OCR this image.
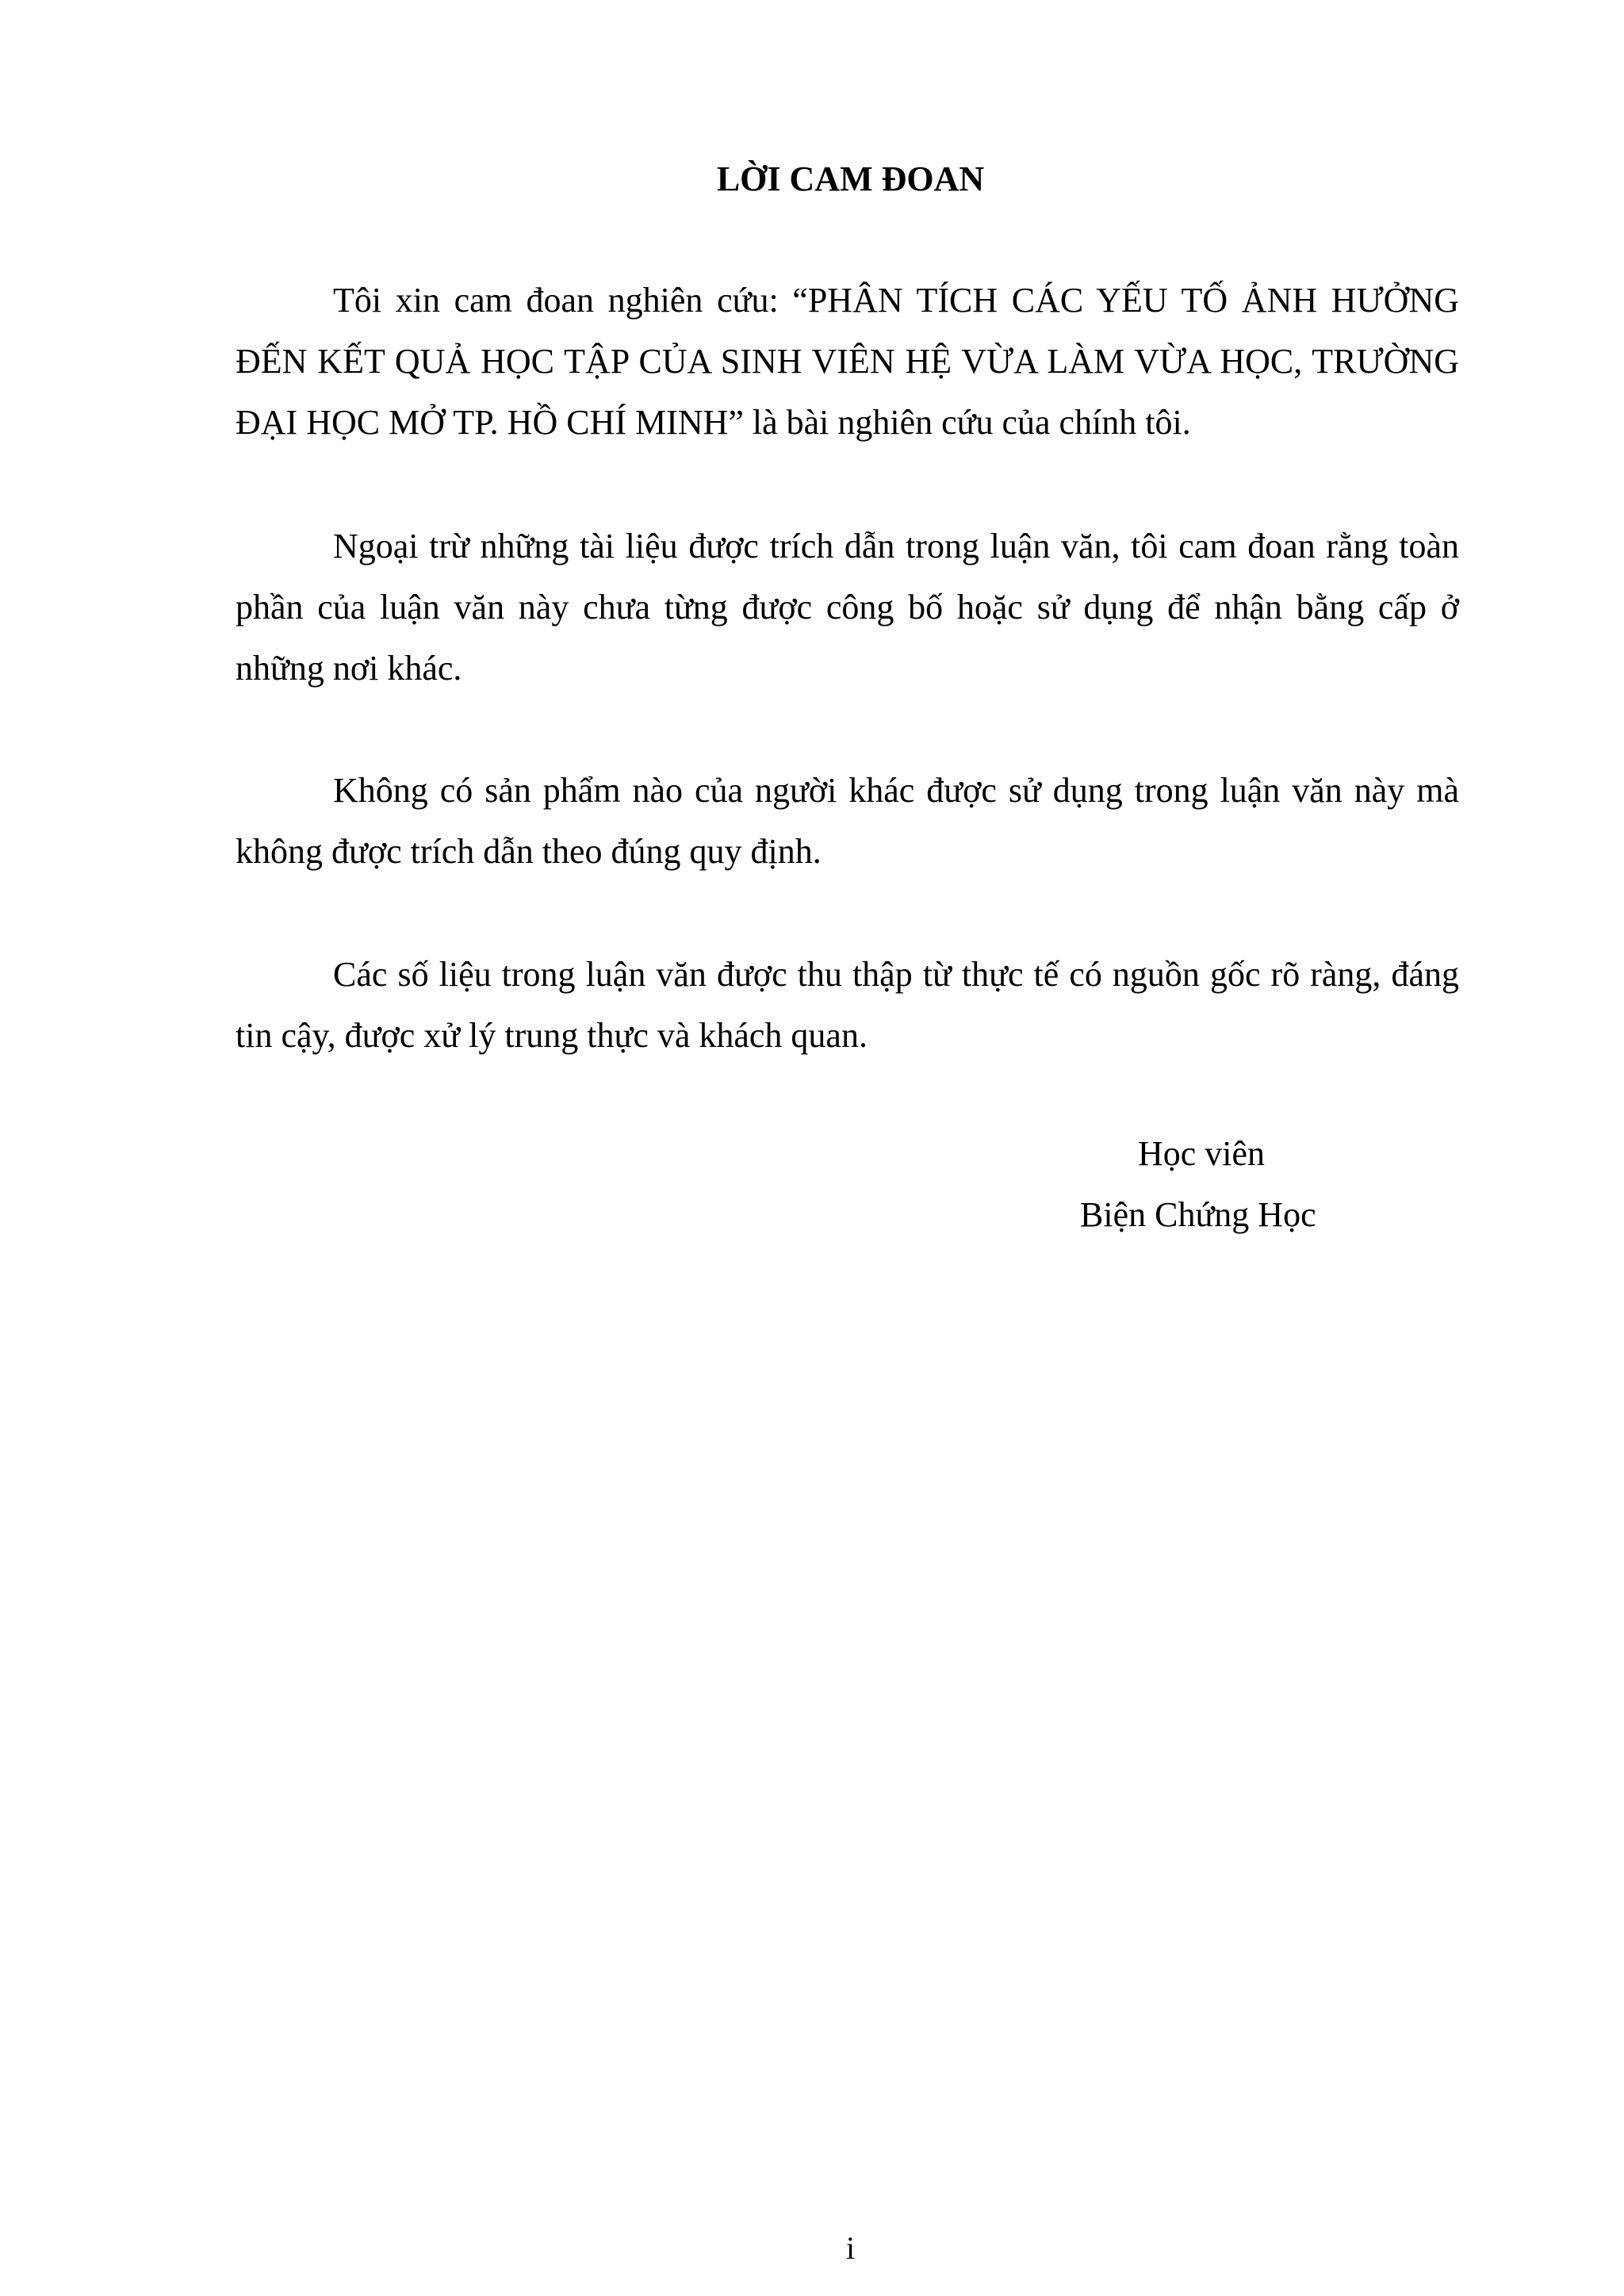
LỜI CAM ĐOAN

Tôi xin cam đoan nghiên cứu: “PHÂN TÍCH CÁC YẾU TỐ ẢNH HƯỞNG ĐẾN KẾT QUẢ HỌC TẬP CỦA SINH VIÊN HỆ VỪA LÀM VỪA HỌC, TRƯỜNG ĐẠI HỌC MỞ TP. HỒ CHÍ MINH” là bài nghiên cứu của chính tôi.

Ngoại trừ những tài liệu được trích dẫn trong luận văn, tôi cam đoan rằng toàn phần của luận văn này chưa từng được công bố hoặc sử dụng để nhận bằng cấp ở những nơi khác.

Không có sản phẩm nào của người khác được sử dụng trong luận văn này mà không được trích dẫn theo đúng quy định.

Các số liệu trong luận văn được thu thập từ thực tế có nguồn gốc rõ ràng, đáng tin cậy, được xử lý trung thực và khách quan.

Học viên
Biện Chứng Học
i
